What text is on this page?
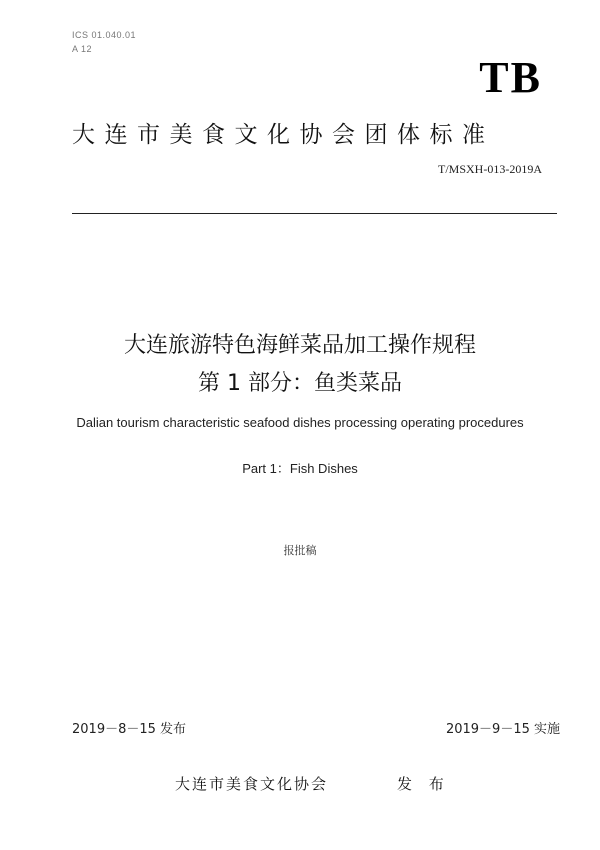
ICS 01.040.01
A 12
TB
大连市美食文化协会团体标准
T/MSXH-013-2019A
大连旅游特色海鲜菜品加工操作规程
第 1 部分：鱼类菜品
Dalian tourism characteristic seafood dishes processing operating procedures
Part 1：Fish Dishes
报批稿
2019－8－15 发布	2019－9－15 实施
大连市美食文化协会	发 布
